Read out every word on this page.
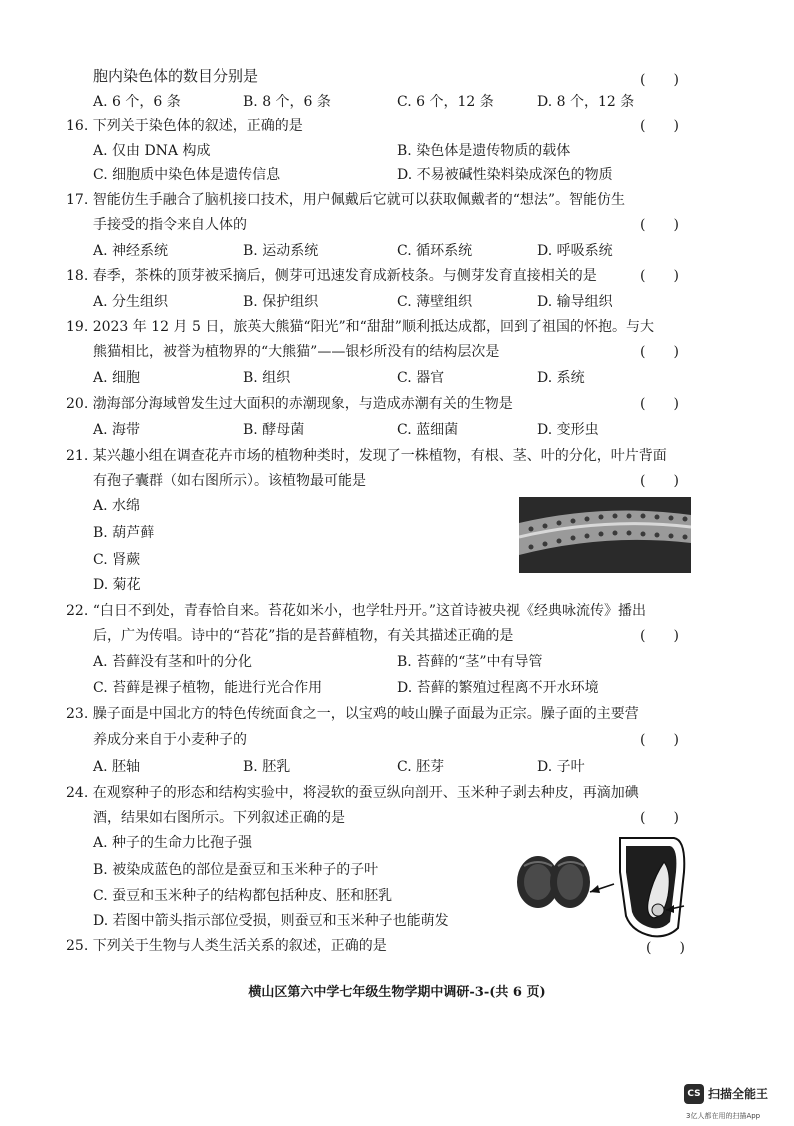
胞内染色体的数目分别是	(　　)
A. 6 个，6 条	B. 8 个，6 条	C. 6 个，12 条	D. 8 个，12 条
16. 下列关于染色体的叙述，正确的是	(　　)
A. 仅由 DNA 构成	B. 染色体是遗传物质的载体
C. 细胞质中染色体是遗传信息	D. 不易被碱性染料染成深色的物质
17. 智能仿生手融合了脑机接口技术，用户佩戴后它就可以获取佩戴者的“想法”。智能仿生
手接受的指令来自人体的	(　　)
A. 神经系统	B. 运动系统	C. 循环系统	D. 呼吸系统
18. 春季，茶株的顶芽被采摘后，侧芽可迅速发育成新枝条。与侧芽发育直接相关的是	(　　)
A. 分生组织	B. 保护组织	C. 薄壁组织	D. 输导组织
19. 2023 年 12 月 5 日，旅英大熊猫“阳光”和“甜甜”顺利抵达成都，回到了祖国的怀抱。与大
熊猫相比，被誉为植物界的“大熊猫”——银杉所没有的结构层次是	(　　)
A. 细胞	B. 组织	C. 器官	D. 系统
20. 渤海部分海域曾发生过大面积的赤潮现象，与造成赤潮有关的生物是	(　　)
A. 海带	B. 酵母菌	C. 蓝细菌	D. 变形虫
21. 某兴趣小组在调查花卉市场的植物种类时，发现了一株植物，有根、茎、叶的分化，叶片背面
有孢子囊群（如右图所示）。该植物最可能是	(　　)
A. 水绵
B. 葫芦藓
C. 肾蕨
D. 菊花
22. “白日不到处，青春恰自来。苔花如米小，也学牡丹开。”这首诗被央视《经典咏流传》播出
后，广为传唱。诗中的“苔花”指的是苔藓植物，有关其描述正确的是	(　　)
A. 苔藓没有茎和叶的分化	B. 苔藓的“茎”中有导管
C. 苔藓是裸子植物，能进行光合作用	D. 苔藓的繁殖过程离不开水环境
23. 臊子面是中国北方的特色传统面食之一，以宝鸡的岐山臊子面最为正宗。臊子面的主要营
养成分来自于小麦种子的	(　　)
A. 胚轴	B. 胚乳	C. 胚芽	D. 子叶
24. 在观察种子的形态和结构实验中，将浸软的蚕豆纵向剖开、玉米种子剥去种皮，再滴加碘
酒，结果如右图所示。下列叙述正确的是	(　　)
A. 种子的生命力比孢子强
B. 被染成蓝色的部位是蚕豆和玉米种子的子叶
C. 蚕豆和玉米种子的结构都包括种皮、胚和胚乳
D. 若图中箭头指示部位受损，则蚕豆和玉米种子也能萌发
25. 下列关于生物与人类生活关系的叙述，正确的是	(　　)
横山区第六中学七年级生物学期中调研-3-(共 6 页)
CS 扫描全能王
3亿人都在用的扫描App
